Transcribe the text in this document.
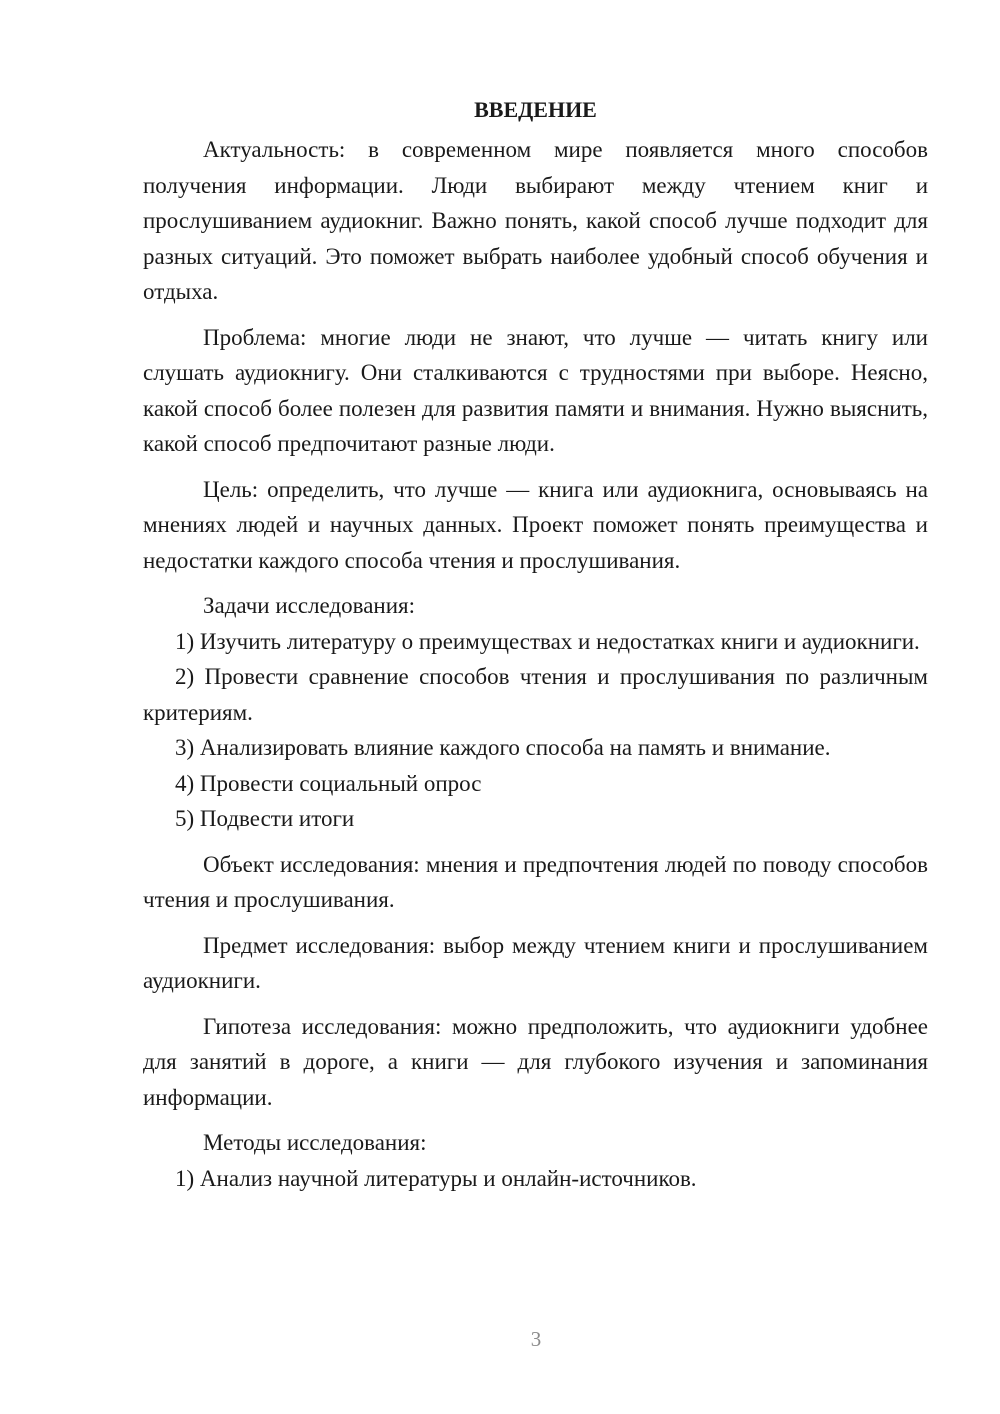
ВВЕДЕНИЕ

Актуальность: в современном мире появляется много способов получения информации. Люди выбирают между чтением книг и прослушиванием аудиокниг. Важно понять, какой способ лучше подходит для разных ситуаций. Это поможет выбрать наиболее удобный способ обучения и отдыха.

Проблема: многие люди не знают, что лучше — читать книгу или слушать аудиокнигу. Они сталкиваются с трудностями при выборе. Неясно, какой способ более полезен для развития памяти и внимания. Нужно выяснить, какой способ предпочитают разные люди.

Цель: определить, что лучше — книга или аудиокнига, основываясь на мнениях людей и научных данных. Проект поможет понять преимущества и недостатки каждого способа чтения и прослушивания.

Задачи исследования:

1) Изучить литературу о преимуществах и недостатках книги и аудиокниги.

2) Провести сравнение способов чтения и прослушивания по различным критериям.

3) Анализировать влияние каждого способа на память и внимание.

4) Провести социальный опрос

5) Подвести итоги

Объект исследования: мнения и предпочтения людей по поводу способов чтения и прослушивания.

Предмет исследования: выбор между чтением книги и прослушиванием аудиокниги.

Гипотеза исследования: можно предположить, что аудиокниги удобнее для занятий в дороге, а книги — для глубокого изучения и запоминания информации.

Методы исследования:

1) Анализ научной литературы и онлайн-источников.

3
